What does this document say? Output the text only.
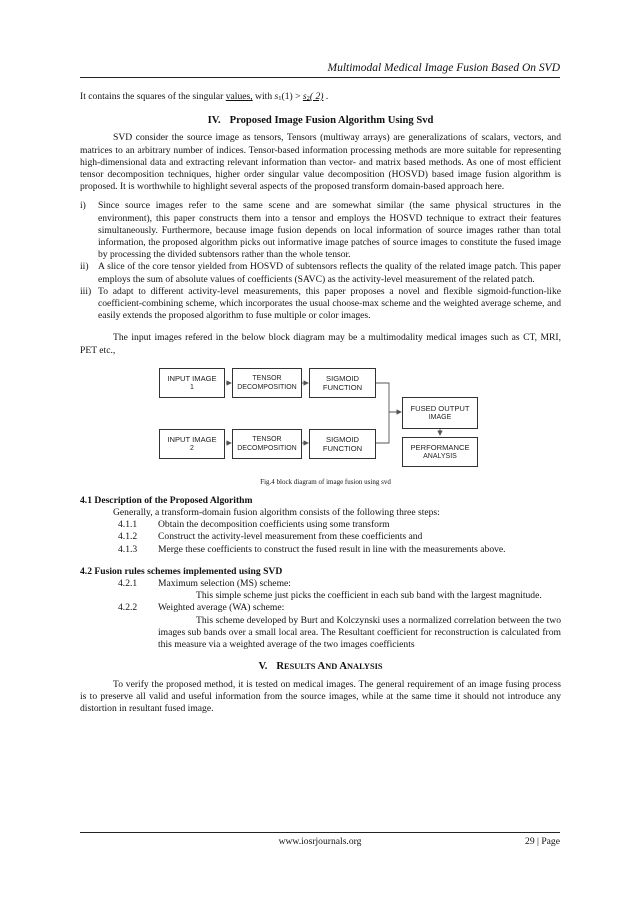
Multimodal Medical Image Fusion Based On SVD

It contains the squares of the singular values, with s1(1) > s2( 2) .

IV. Proposed Image Fusion Algorithm Using Svd

SVD consider the source image as tensors, Tensors (multiway arrays) are generalizations of scalars, vectors, and matrices to an arbitrary number of indices. Tensor-based information processing methods are more suitable for representing high-dimensional data and extracting relevant information than vector- and matrix based methods. As one of most efficient tensor decomposition techniques, higher order singular value decomposition (HOSVD) based image fusion algorithm is proposed. It is worthwhile to highlight several aspects of the proposed transform domain-based approach here.

i) Since source images refer to the same scene and are somewhat similar (the same physical structures in the environment), this paper constructs them into a tensor and employs the HOSVD technique to extract their features simultaneously. Furthermore, because image fusion depends on local information of source images rather than total information, the proposed algorithm picks out informative image patches of source images to constitute the fused image by processing the divided subtensors rather than the whole tensor.
ii) A slice of the core tensor yielded from HOSVD of subtensors reflects the quality of the related image patch. This paper employs the sum of absolute values of coefficients (SAVC) as the activity-level measurement of the related patch.
iii) To adapt to different activity-level measurements, this paper proposes a novel and flexible sigmoid-function-like coefficient-combining scheme, which incorporates the usual choose-max scheme and the weighted average scheme, and easily extends the proposed algorithm to fuse multiple or color images.

The input images refered in the below block diagram may be a multimodality medical images such as CT, MRI, PET etc.,

INPUT IMAGE
1
TENSOR
DECOMPOSITION
SIGMOID
FUNCTION
INPUT IMAGE
2
TENSOR
DECOMPOSITION
SIGMOID
FUNCTION
FUSED OUTPUT
IMAGE
PERFORMANCE
ANALYSIS

Fig.4 block diagram of image fusion using svd

4.1 Description of the Proposed Algorithm

Generally, a transform-domain fusion algorithm consists of the following three steps:

4.1.1 Obtain the decomposition coefficients using some transform
4.1.2 Construct the activity-level measurement from these coefficients and
4.1.3 Merge these coefficients to construct the fused result in line with the measurements above.

4.2 Fusion rules schemes implemented using SVD

4.2.1 Maximum selection (MS) scheme:

This simple scheme just picks the coefficient in each sub band with the largest magnitude.

4.2.2 Weighted average (WA) scheme:

This scheme developed by Burt and Kolczynski uses a normalized correlation between the two images sub bands over a small local area. The Resultant coefficient for reconstruction is calculated from this measure via a weighted average of the two images coefficients

V. RESULTS AND ANALYSIS

To verify the proposed method, it is tested on medical images. The general requirement of an image fusing process is to preserve all valid and useful information from the source images, while at the same time it should not introduce any distortion in resultant fused image.

www.iosrjournals.org	29 | Page
